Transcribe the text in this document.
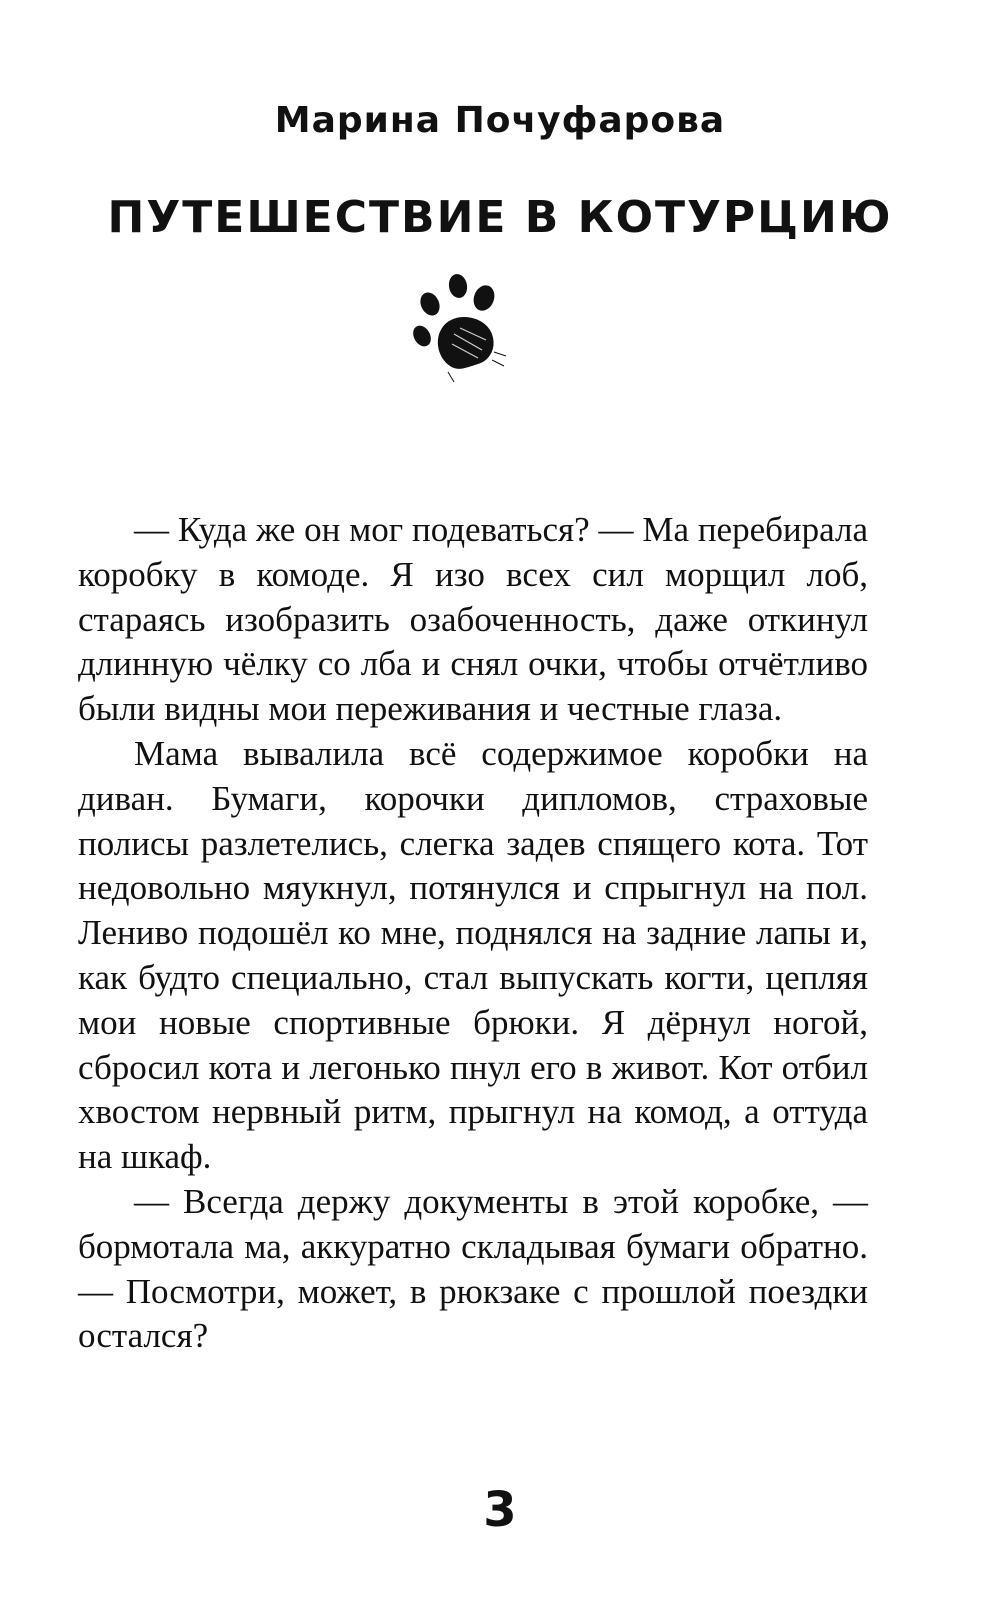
Марина Почуфарова
ПУТЕШЕСТВИЕ В КОТУРЦИЮ

— Куда же он мог подеваться? — Ма перебирала коробку в комоде. Я изо всех сил морщил лоб, стараясь изобразить озабоченность, даже откинул длинную чёлку со лба и снял очки, чтобы отчётливо были видны мои переживания и честные глаза.

Мама вывалила всё содержимое коробки на диван. Бумаги, корочки дипломов, страховые полисы разлетелись, слегка задев спящего кота. Тот недовольно мяукнул, потянулся и спрыгнул на пол. Лениво подошёл ко мне, поднялся на задние лапы и, как будто специально, стал выпускать когти, цепляя мои новые спортивные брюки. Я дёрнул ногой, сбросил кота и легонько пнул его в живот. Кот отбил хвостом нервный ритм, прыгнул на комод, а оттуда на шкаф.

— Всегда держу документы в этой коробке, — бормотала ма, аккуратно складывая бумаги обратно. — Посмотри, может, в рюкзаке с прошлой поездки остался?

3
